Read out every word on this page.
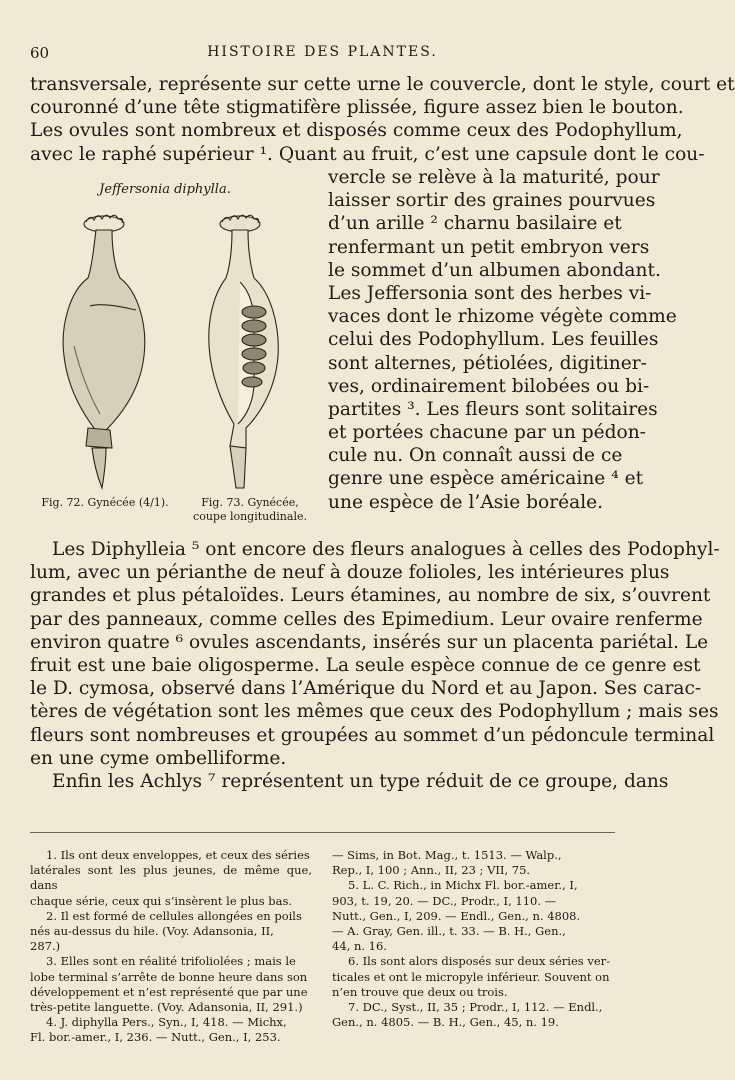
60	HISTOIRE DES PLANTES.
transversale, représente sur cette urne le couvercle, dont le style, court et
couronné d’une tête stigmatifère plissée, figure assez bien le bouton.
Les ovules sont nombreux et disposés comme ceux des Podophyllum,
avec le raphé supérieur ¹. Quant au fruit, c’est une capsule dont le cou-
Jeffersonia diphylla.
Fig. 72. Gynécée (4/1).	Fig. 73. Gynécée,
coupe longitudinale.
vercle se relève à la maturité, pour
laisser sortir des graines pourvues
d’un arille ² charnu basilaire et
renfermant un petit embryon vers
le sommet d’un albumen abondant.
Les Jeffersonia sont des herbes vi-
vaces dont le rhizome végète comme
celui des Podophyllum. Les feuilles
sont alternes, pétiolées, digitiner-
ves, ordinairement bilobées ou bi-
partites ³. Les fleurs sont solitaires
et portées chacune par un pédon-
cule nu. On connaît aussi de ce
genre une espèce américaine ⁴ et
une espèce de l’Asie boréale.
Les Diphylleia ⁵ ont encore des fleurs analogues à celles des Podophyl-
lum, avec un périanthe de neuf à douze folioles, les intérieures plus
grandes et plus pétaloïdes. Leurs étamines, au nombre de six, s’ouvrent
par des panneaux, comme celles des Epimedium. Leur ovaire renferme
environ quatre ⁶ ovules ascendants, insérés sur un placenta pariétal. Le
fruit est une baie oligosperme. La seule espèce connue de ce genre est
le D. cymosa, observé dans l’Amérique du Nord et au Japon. Ses carac-
tères de végétation sont les mêmes que ceux des Podophyllum ; mais ses
fleurs sont nombreuses et groupées au sommet d’un pédoncule terminal
en une cyme ombelliforme.
Enfin les Achlys ⁷ représentent un type réduit de ce groupe, dans
1. Ils ont deux enveloppes, et ceux des séries
latérales sont les plus jeunes, de même que, dans
chaque série, ceux qui s’insèrent le plus bas.
2. Il est formé de cellules allongées en poils
nés au-dessus du hile. (Voy. Adansonia, II,
287.)
3. Elles sont en réalité trifoliolées ; mais le
lobe terminal s’arrête de bonne heure dans son
développement et n’est représenté que par une
très-petite languette. (Voy. Adansonia, II, 291.)
4. J. diphylla Pers., Syn., I, 418. — Michx,
Fl. bor.-amer., I, 236. — Nutt., Gen., I, 253.
— Sims, in Bot. Mag., t. 1513. — Walp.,
Rep., I, 100 ; Ann., II, 23 ; VII, 75.
5. L. C. Rich., in Michx Fl. bor.-amer., I,
903, t. 19, 20. — DC., Prodr., I, 110. —
Nutt., Gen., I, 209. — Endl., Gen., n. 4808.
— A. Gray, Gen. ill., t. 33. — B. H., Gen.,
44, n. 16.
6. Ils sont alors disposés sur deux séries ver-
ticales et ont le micropyle inférieur. Souvent on
n’en trouve que deux ou trois.
7. DC., Syst., II, 35 ; Prodr., I, 112. — Endl.,
Gen., n. 4805. — B. H., Gen., 45, n. 19.
